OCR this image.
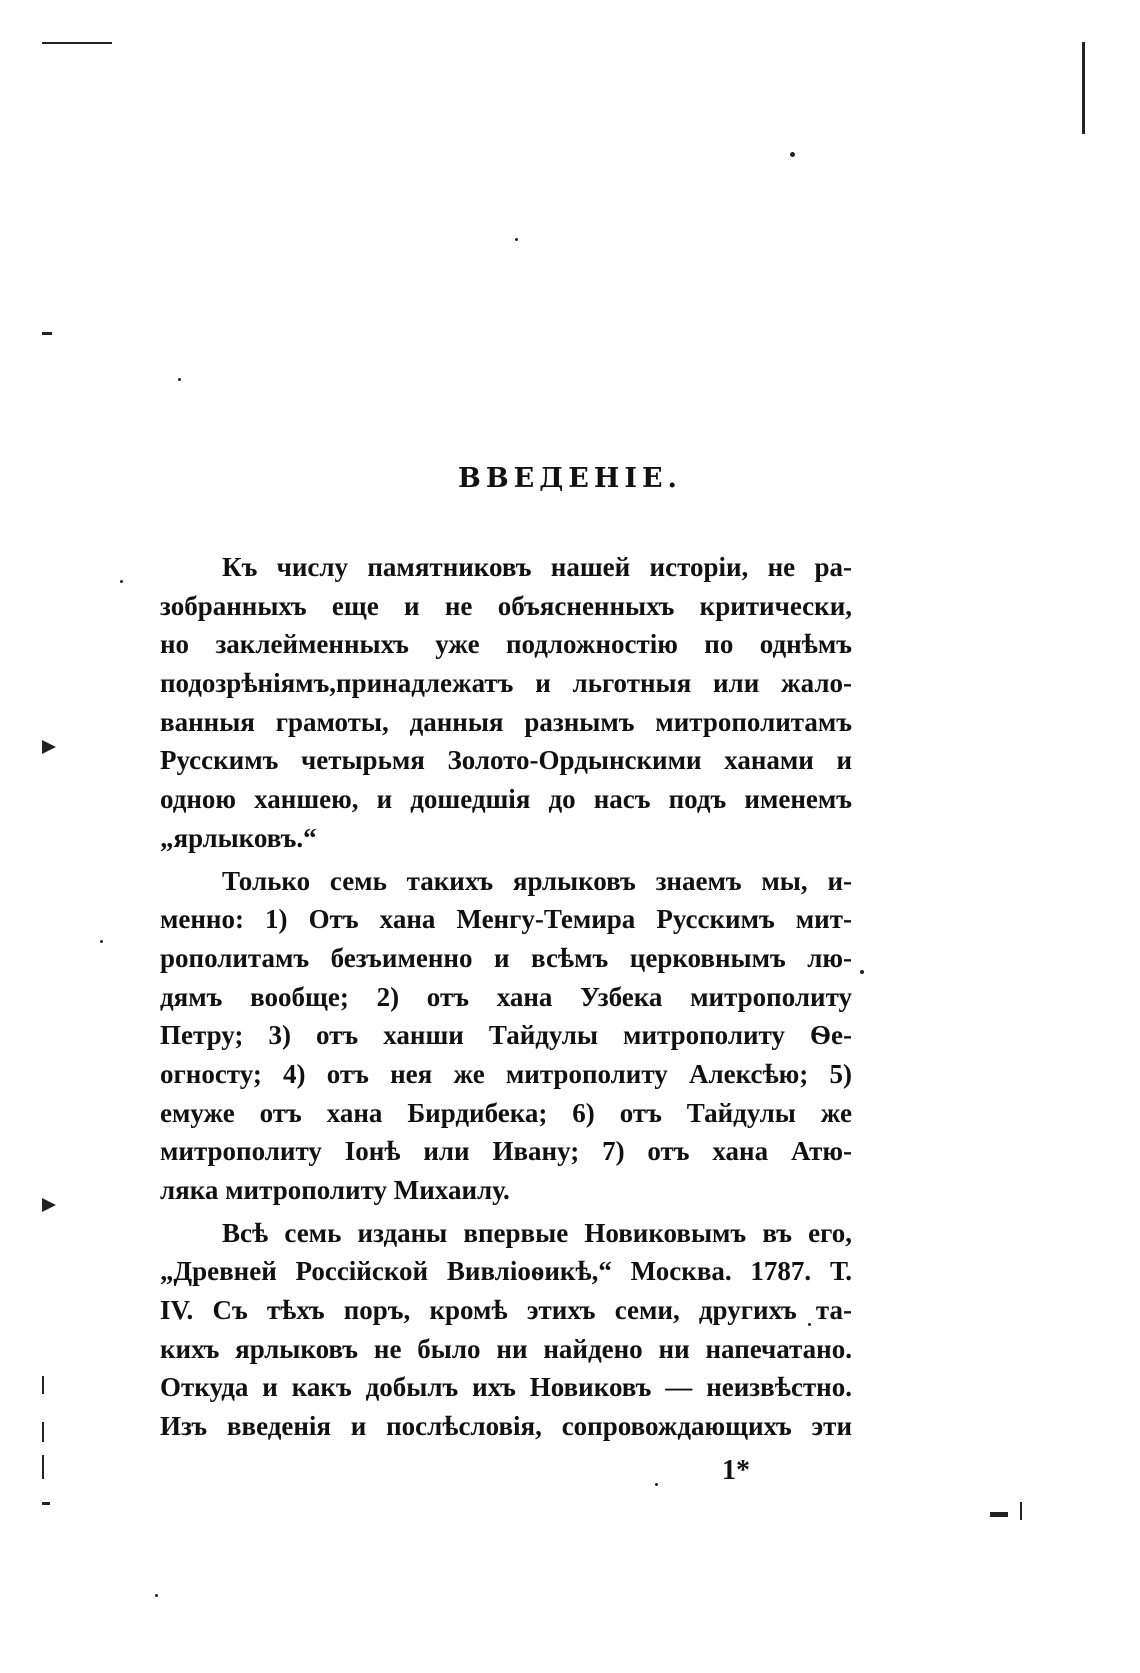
ВВЕДЕНІЕ.
Къ числу памятниковъ нашей исторіи, не ра-
зобранныхъ еще и не объясненныхъ критически,
но заклейменныхъ уже подложностію по однѣмъ
подозрѣніямъ,принадлежатъ и льготныя или жало-
ванныя грамоты, данныя разнымъ митрополитамъ
Русскимъ четырьмя Золото-Ордынскими ханами и
одною ханшею, и дошедшія до насъ подъ именемъ
„ярлыковъ.“
Только семь такихъ ярлыковъ знаемъ мы, и-
менно: 1) Отъ хана Менгу-Темира Русскимъ мит-
рополитамъ безъименно и всѣмъ церковнымъ лю-
дямъ вообще; 2) отъ хана Узбека митрополиту
Петру; 3) отъ ханши Тайдулы митрополиту Ѳе-
огносту; 4) отъ нея же митрополиту Алексѣю; 5)
емуже отъ хана Бирдибека; 6) отъ Тайдулы же
митрополиту Іонѣ или Ивану; 7) отъ хана Атю-
ляка митрополиту Михаилу.
Всѣ семь изданы впервые Новиковымъ въ его,
„Древней Россійской Вивліоѳикѣ,“ Москва. 1787. Т.
IV. Съ тѣхъ поръ, кромѣ этихъ семи, другихъ та-
кихъ ярлыковъ не было ни найдено ни напечатано.
Откуда и какъ добылъ ихъ Новиковъ — неизвѣстно.
Изъ введенія и послѣсловія, сопровождающихъ эти
1*
